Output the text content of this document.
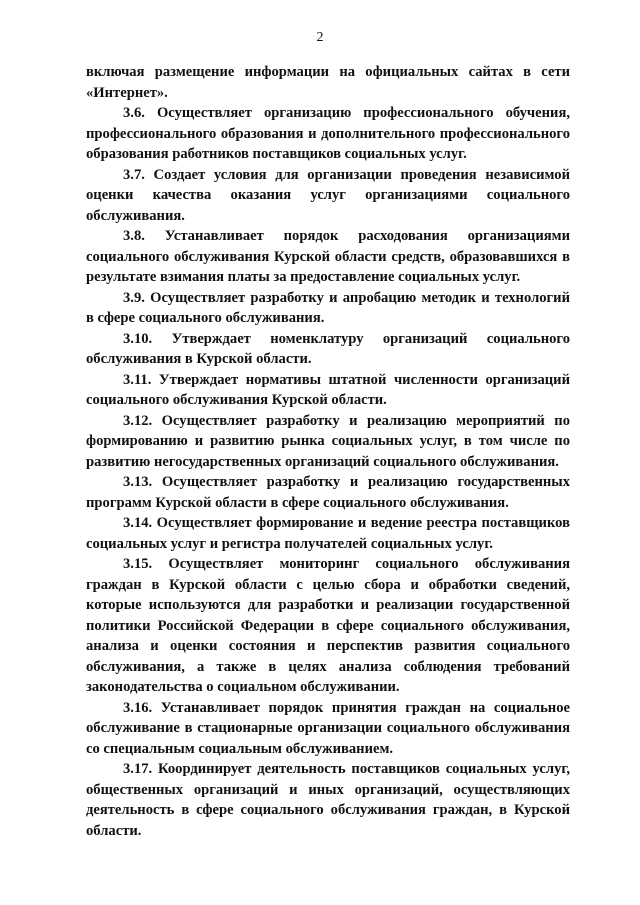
2

включая размещение информации на официальных сайтах в сети «Интернет».

3.6. Осуществляет организацию профессионального обучения, профессионального образования и дополнительного профессионального образования работников поставщиков социальных услуг.

3.7. Создает условия для организации проведения независимой оценки качества оказания услуг организациями социального обслуживания.

3.8. Устанавливает порядок расходования организациями социального обслуживания Курской области средств, образовавшихся в результате взимания платы за предоставление социальных услуг.

3.9. Осуществляет разработку и апробацию методик и технологий в сфере социального обслуживания.

3.10. Утверждает номенклатуру организаций социального обслуживания в Курской области.

3.11. Утверждает нормативы штатной численности организаций социального обслуживания Курской области.

3.12. Осуществляет разработку и реализацию мероприятий по формированию и развитию рынка социальных услуг, в том числе по развитию негосударственных организаций социального обслуживания.

3.13. Осуществляет разработку и реализацию государственных программ Курской области в сфере социального обслуживания.

3.14. Осуществляет формирование и ведение реестра поставщиков социальных услуг и регистра получателей социальных услуг.

3.15. Осуществляет мониторинг социального обслуживания граждан в Курской области с целью сбора и обработки сведений, которые используются для разработки и реализации государственной политики Российской Федерации в сфере социального обслуживания, анализа и оценки состояния и перспектив развития социального обслуживания, а также в целях анализа соблюдения требований законодательства о социальном обслуживании.

3.16. Устанавливает порядок принятия граждан на социальное обслуживание в стационарные организации социального обслуживания со специальным социальным обслуживанием.

3.17. Координирует деятельность поставщиков социальных услуг, общественных организаций и иных организаций, осуществляющих деятельность в сфере социального обслуживания граждан, в Курской области.
